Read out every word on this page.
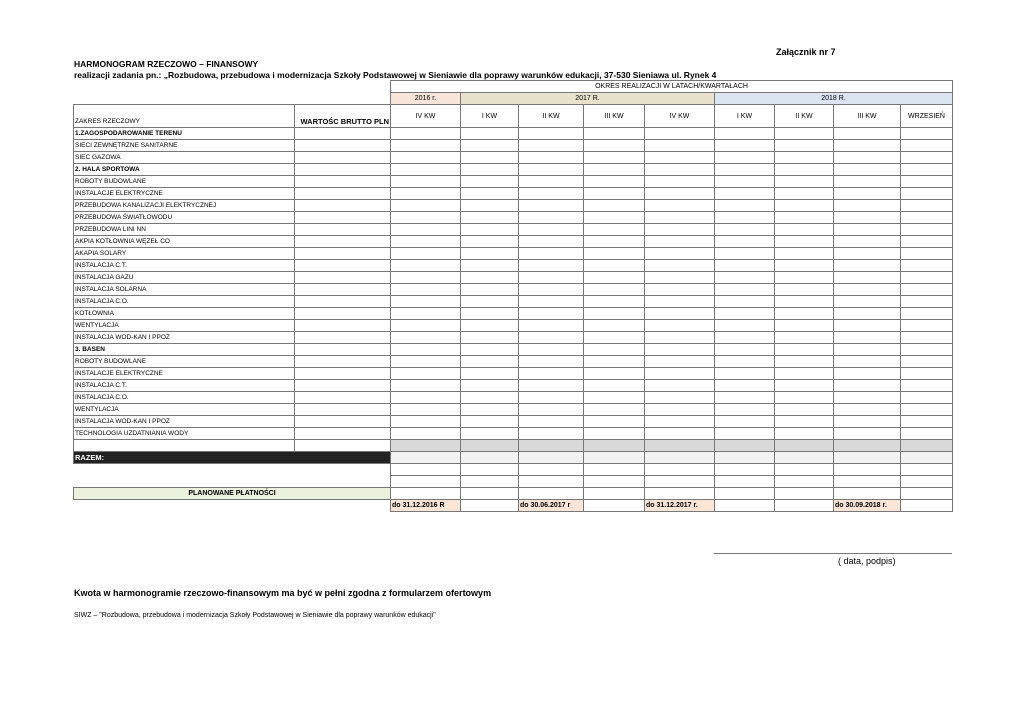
Załącznik nr 7
HARMONOGRAM RZECZOWO – FINANSOWY
realizacji zadania pn.: „Rozbudowa, przebudowa i modernizacja Szkoły Podstawowej w Sieniawie dla poprawy warunków edukacji, 37-530 Sieniawa ul. Rynek 4
		OKRES REALIZACJI W LATACH/KWARTAŁACH								
		2016 r.	2017 R.				2018 R.			
ZAKRES RZECZOWY	WARTOŚC BRUTTO PLN	IV KW	I KW	II KW	III KW	IV KW	I KW	II KW	III KW	WRZESIEŃ
1.ZAGOSPODAROWANIE TERENU										
SIECI ZEWNĘTRZNE SANITARNE										
SIEC GAZOWA										
2. HALA SPORTOWA										
ROBOTY BUDOWLANE										
INSTALACJE ELEKTRYCZNE										
PRZEBUDOWA KANALIZACJI ELEKTRYCZNEJ										
PRZEBUDOWA ŚWIATŁOWODU										
PRZEBUDOWA LINI NN										
AKPIA KOTŁOWNIA WĘZEŁ CO										
AKAPIA SOLARY										
INSTALACJA C.T.										
INSTALACJA GAZU										
INSTALACJA SOLARNA										
INSTALACJA C.O.										
KOTŁOWNIA										
WENTYLACJA										
INSTALACJA WOD-KAN I PPOŻ										
3. BASEN										
ROBOTY BUDOWLANE										
INSTALACJE ELEKTRYCZNE										
INSTALACJA C.T.										
INSTALACJA C.O.										
WENTYLACJA										
INSTALACJA WOD-KAN I PPOZ										
TECHNOLOGIA UZDATNIANIA WODY										

RAZEM:										

PLANOWANE PŁATNOŚCI										
		do 31.12.2016 R		do 30.06.2017 r		do 31.12.2017 r.			do 30.09.2018 r.	
( data, podpis)
Kwota w harmonogramie rzeczowo-finansowym ma być w pełni zgodna z formularzem ofertowym
SIWZ – "Rozbudowa, przebudowa i modernizacja Szkoły Podstawowej w Sieniawie dla poprawy warunków edukacji"
